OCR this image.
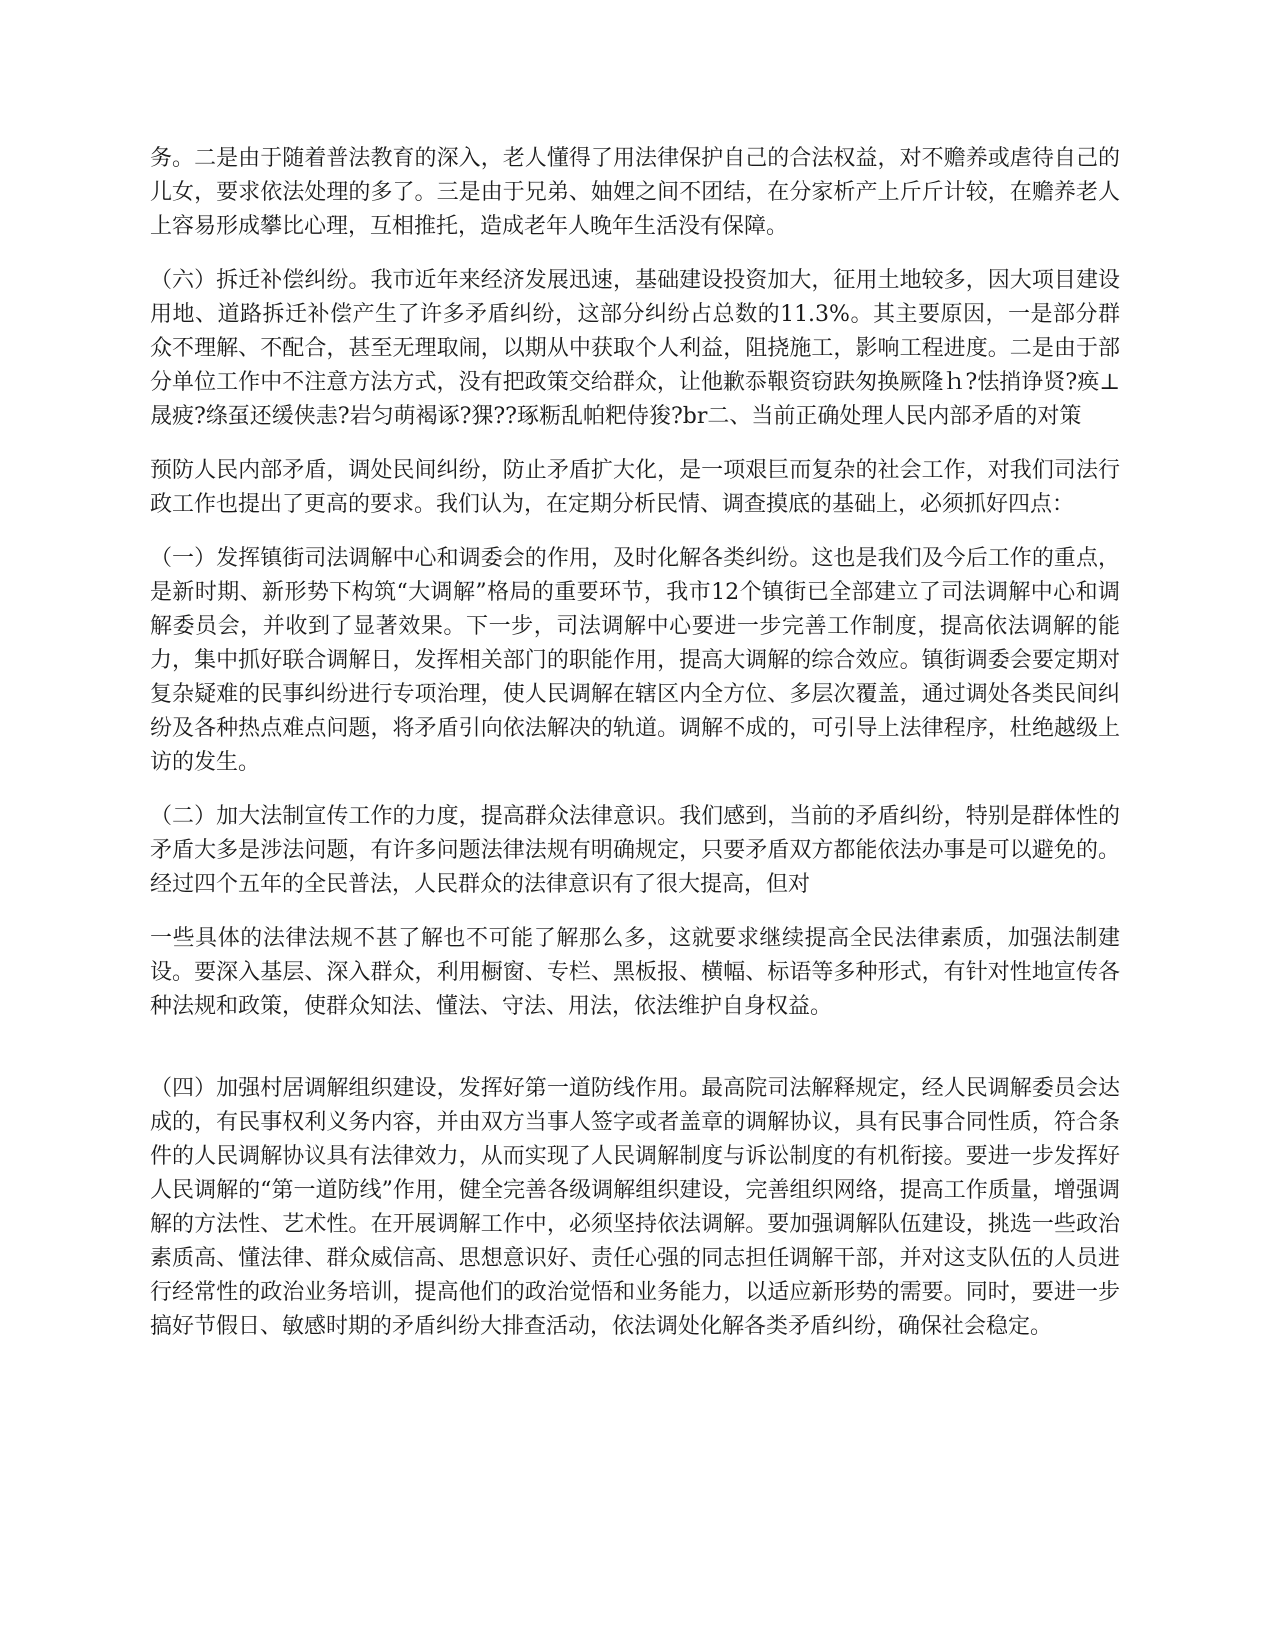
务。二是由于随着普法教育的深入，老人懂得了用法律保护自己的合法权益，对不赡养或虐待自己的儿女，要求依法处理的多了。三是由于兄弟、妯娌之间不团结，在分家析产上斤斤计较，在赡养老人上容易形成攀比心理，互相推托，造成老年人晚年生活没有保障。

（六）拆迁补偿纠纷。我市近年来经济发展迅速，基础建设投资加大，征用土地较多，因大项目建设用地、道路拆迁补偿产生了许多矛盾纠纷，这部分纠纷占总数的11.3%。其主要原因，一是部分群众不理解、不配合，甚至无理取闹，以期从中获取个人利益，阻挠施工，影响工程进度。二是由于部分单位工作中不注意方法方式，没有把政策交给群众，让他歉忝鞎资窃趺匆换厥隆ｈ?怯捎诤贤?痪⊥晟疲?绦虿还缓侠恚?岩匀萌褐诼?猓??琢粝乱帕粑侍狻?br二、当前正确处理人民内部矛盾的对策

预防人民内部矛盾，调处民间纠纷，防止矛盾扩大化，是一项艰巨而复杂的社会工作，对我们司法行政工作也提出了更高的要求。我们认为，在定期分析民情、调查摸底的基础上，必须抓好四点：

（一）发挥镇街司法调解中心和调委会的作用，及时化解各类纠纷。这也是我们及今后工作的重点，是新时期、新形势下构筑“大调解”格局的重要环节，我市12个镇街已全部建立了司法调解中心和调解委员会，并收到了显著效果。下一步，司法调解中心要进一步完善工作制度，提高依法调解的能力，集中抓好联合调解日，发挥相关部门的职能作用，提高大调解的综合效应。镇街调委会要定期对复杂疑难的民事纠纷进行专项治理，使人民调解在辖区内全方位、多层次覆盖，通过调处各类民间纠纷及各种热点难点问题，将矛盾引向依法解决的轨道。调解不成的，可引导上法律程序，杜绝越级上访的发生。

（二）加大法制宣传工作的力度，提高群众法律意识。我们感到，当前的矛盾纠纷，特别是群体性的矛盾大多是涉法问题，有许多问题法律法规有明确规定，只要矛盾双方都能依法办事是可以避免的。经过四个五年的全民普法，人民群众的法律意识有了很大提高，但对

一些具体的法律法规不甚了解也不可能了解那么多，这就要求继续提高全民法律素质，加强法制建设。要深入基层、深入群众，利用橱窗、专栏、黑板报、横幅、标语等多种形式，有针对性地宣传各种法规和政策，使群众知法、懂法、守法、用法，依法维护自身权益。

（四）加强村居调解组织建设，发挥好第一道防线作用。最高院司法解释规定，经人民调解委员会达成的，有民事权利义务内容，并由双方当事人签字或者盖章的调解协议，具有民事合同性质，符合条件的人民调解协议具有法律效力，从而实现了人民调解制度与诉讼制度的有机衔接。要进一步发挥好人民调解的“第一道防线”作用，健全完善各级调解组织建设，完善组织网络，提高工作质量，增强调解的方法性、艺术性。在开展调解工作中，必须坚持依法调解。要加强调解队伍建设，挑选一些政治素质高、懂法律、群众威信高、思想意识好、责任心强的同志担任调解干部，并对这支队伍的人员进行经常性的政治业务培训，提高他们的政治觉悟和业务能力，以适应新形势的需要。同时，要进一步搞好节假日、敏感时期的矛盾纠纷大排查活动，依法调处化解各类矛盾纠纷，确保社会稳定。
